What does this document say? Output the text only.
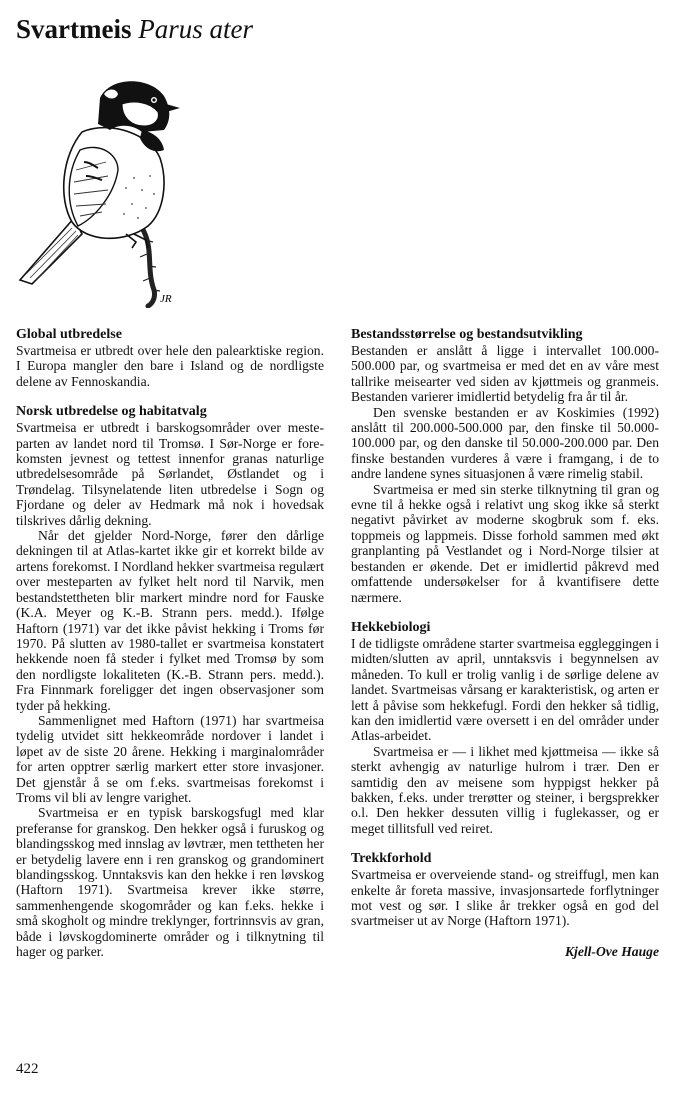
Svartmeis Parus ater
JR
Global utbredelse

Svartmeisa er utbredt over hele den palearktiske region. I Europa mangler den bare i Island og de nordligste delene av Fennoskandia.

Norsk utbredelse og habitatvalg

Svartmeisa er utbredt i barskogsområder over mesteparten av landet nord til Tromsø. I Sør-Norge er forekomsten jevnest og tettest innenfor granas naturlige utbredelsesområde på Sørlandet, Østlandet og i Trøndelag. Tilsynelatende liten utbredelse i Sogn og Fjordane og deler av Hedmark må nok i hovedsak tilskrives dårlig dekning.

Når det gjelder Nord-Norge, fører den dårlige dekningen til at Atlas-kartet ikke gir et korrekt bilde av artens forekomst. I Nordland hekker svartmeisa regulært over mesteparten av fylket helt nord til Narvik, men bestandstettheten blir markert mindre nord for Fauske (K.A. Meyer og K.-B. Strann pers. medd.). Ifølge Haftorn (1971) var det ikke påvist hekking i Troms før 1970. På slutten av 1980-tallet er svartmeisa konstatert hekkende noen få steder i fylket med Tromsø by som den nordligste lokaliteten (K.-B. Strann pers. medd.). Fra Finnmark foreligger det ingen observasjoner som tyder på hekking.

Sammenlignet med Haftorn (1971) har svartmeisa tydelig utvidet sitt hekkeområde nordover i landet i løpet av de siste 20 årene. Hekking i marginalområder for arten opptrer særlig markert etter store invasjoner. Det gjenstår å se om f.eks. svartmeisas forekomst i Troms vil bli av lengre varighet.

Svartmeisa er en typisk barskogsfugl med klar preferanse for granskog. Den hekker også i furuskog og blandingsskog med innslag av løvtrær, men tettheten her er betydelig lavere enn i ren granskog og grandominert blandingsskog. Unntaksvis kan den hekke i ren løvskog (Haftorn 1971). Svartmeisa krever ikke større, sammenhengende skogområder og kan f.eks. hekke i små skogholt og mindre treklynger, fortrinnsvis av gran, både i løvskogdominerte områder og i tilknytning til hager og parker.

Bestandsstørrelse og bestandsutvikling

Bestanden er anslått å ligge i intervallet 100.000-500.000 par, og svartmeisa er med det en av våre mest tallrike meisearter ved siden av kjøttmeis og granmeis. Bestanden varierer imidlertid betydelig fra år til år.

Den svenske bestanden er av Koskimies (1992) anslått til 200.000-500.000 par, den finske til 50.000-100.000 par, og den danske til 50.000-200.000 par. Den finske bestanden vurderes å være i framgang, i de to andre landene synes situasjonen å være rimelig stabil.

Svartmeisa er med sin sterke tilknytning til gran og evne til å hekke også i relativt ung skog ikke så sterkt negativt påvirket av moderne skogbruk som f. eks. toppmeis og lappmeis. Disse forhold sammen med økt granplanting på Vestlandet og i Nord-Norge tilsier at bestanden er økende. Det er imidlertid påkrevd med omfattende undersøkelser for å kvantifisere dette nærmere.

Hekkebiologi

I de tidligste områdene starter svartmeisa eggleggingen i midten/slutten av april, unntaksvis i begynnelsen av måneden. To kull er trolig vanlig i de sørlige delene av landet. Svartmeisas vårsang er karakteristisk, og arten er lett å påvise som hekkefugl. Fordi den hekker så tidlig, kan den imidlertid være oversett i en del områder under Atlas-arbeidet.

Svartmeisa er — i likhet med kjøttmeisa — ikke så sterkt avhengig av naturlige hulrom i trær. Den er samtidig den av meisene som hyppigst hekker på bakken, f.eks. under trerøtter og steiner, i bergsprekker o.l. Den hekker dessuten villig i fuglekasser, og er meget tillitsfull ved reiret.

Trekkforhold

Svartmeisa er overveiende stand- og streiffugl, men kan enkelte år foreta massive, invasjonsartede forflytninger mot vest og sør. I slike år trekker også en god del svartmeiser ut av Norge (Haftorn 1971).

Kjell-Ove Hauge
422
